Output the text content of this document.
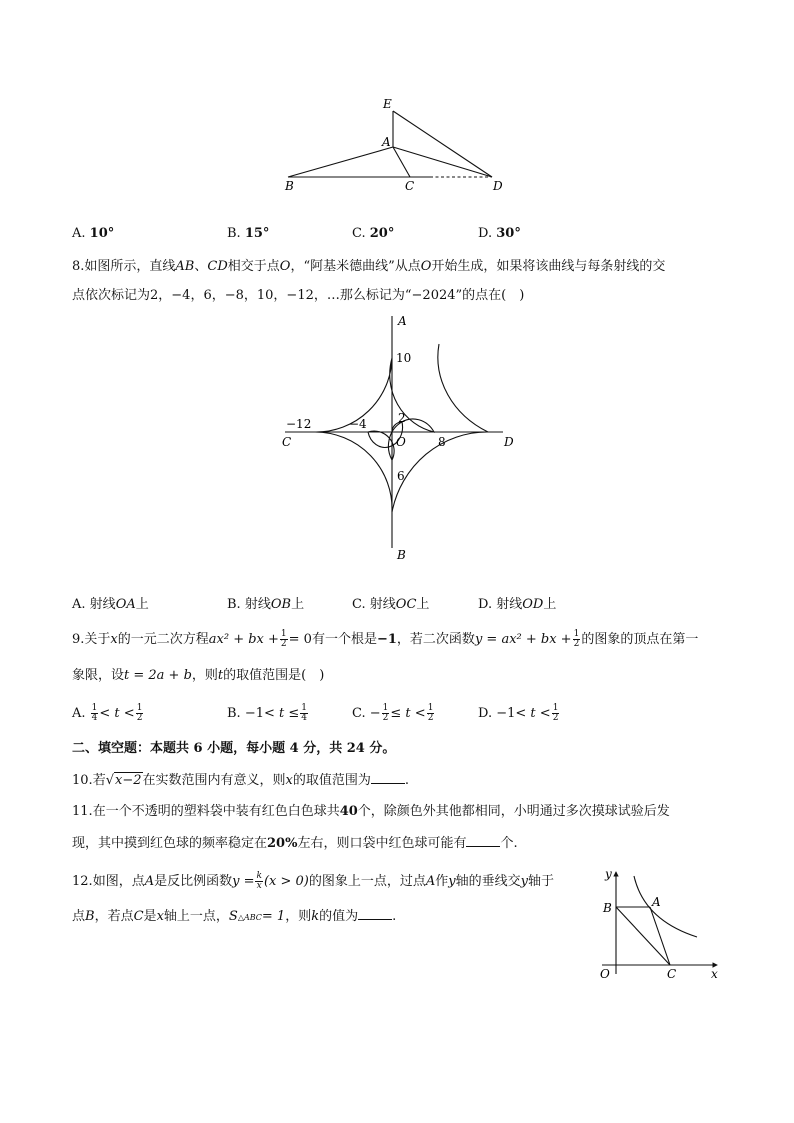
E
A
B	C	D
A. 10°	B. 15°	C. 20°	D. 30°
8.如图所示，直线AB、CD相交于点O，“阿基米德曲线”从点O开始生成，如果将该曲线与每条射线的交
点依次标记为2，−4，6，−8，10，−12，…那么标记为“−2024”的点在(　)
A
B
C	D
O
10
2
−12	−4
8
6
A. 射线OA上	B. 射线OB上	C. 射线OC上	D. 射线OD上
9.关于x的一元二次方程ax² + bx + $\frac{1}{2} = 0$有一个根是−1，若二次函数y = ax² + bx + $\frac{1}{2}$ 的图象的顶点在第一
象限，设t = 2a + b，则t的取值范围是(　)
A. $\frac{1}{4} < t < \frac{1}{2}$	B. $-1< t \le \frac{1}{4}$	C. − $\frac{1}{2} \le t < \frac{1}{2}$	D. $-1< t < \frac{1}{2}$
二、填空题：本题共 6 小题，每小题 4 分，共 24 分。
10.若√x−2在实数范围内有意义，则x的取值范围为	.
11.在一个不透明的塑料袋中装有红色白色球共40个，除颜色外其他都相同，小明通过多次摸球试验后发
现，其中摸到红色球的频率稳定在20%左右，则口袋中红色球可能有	个.
12.如图，点A是反比例函数$y = \frac{k}{x} (x > 0)$的图象上一点，过点A作y轴的垂线交y轴于
点B，若点C是x轴上一点，S△ABC= 1，则k的值为	.
y
x
O
A
B
C
